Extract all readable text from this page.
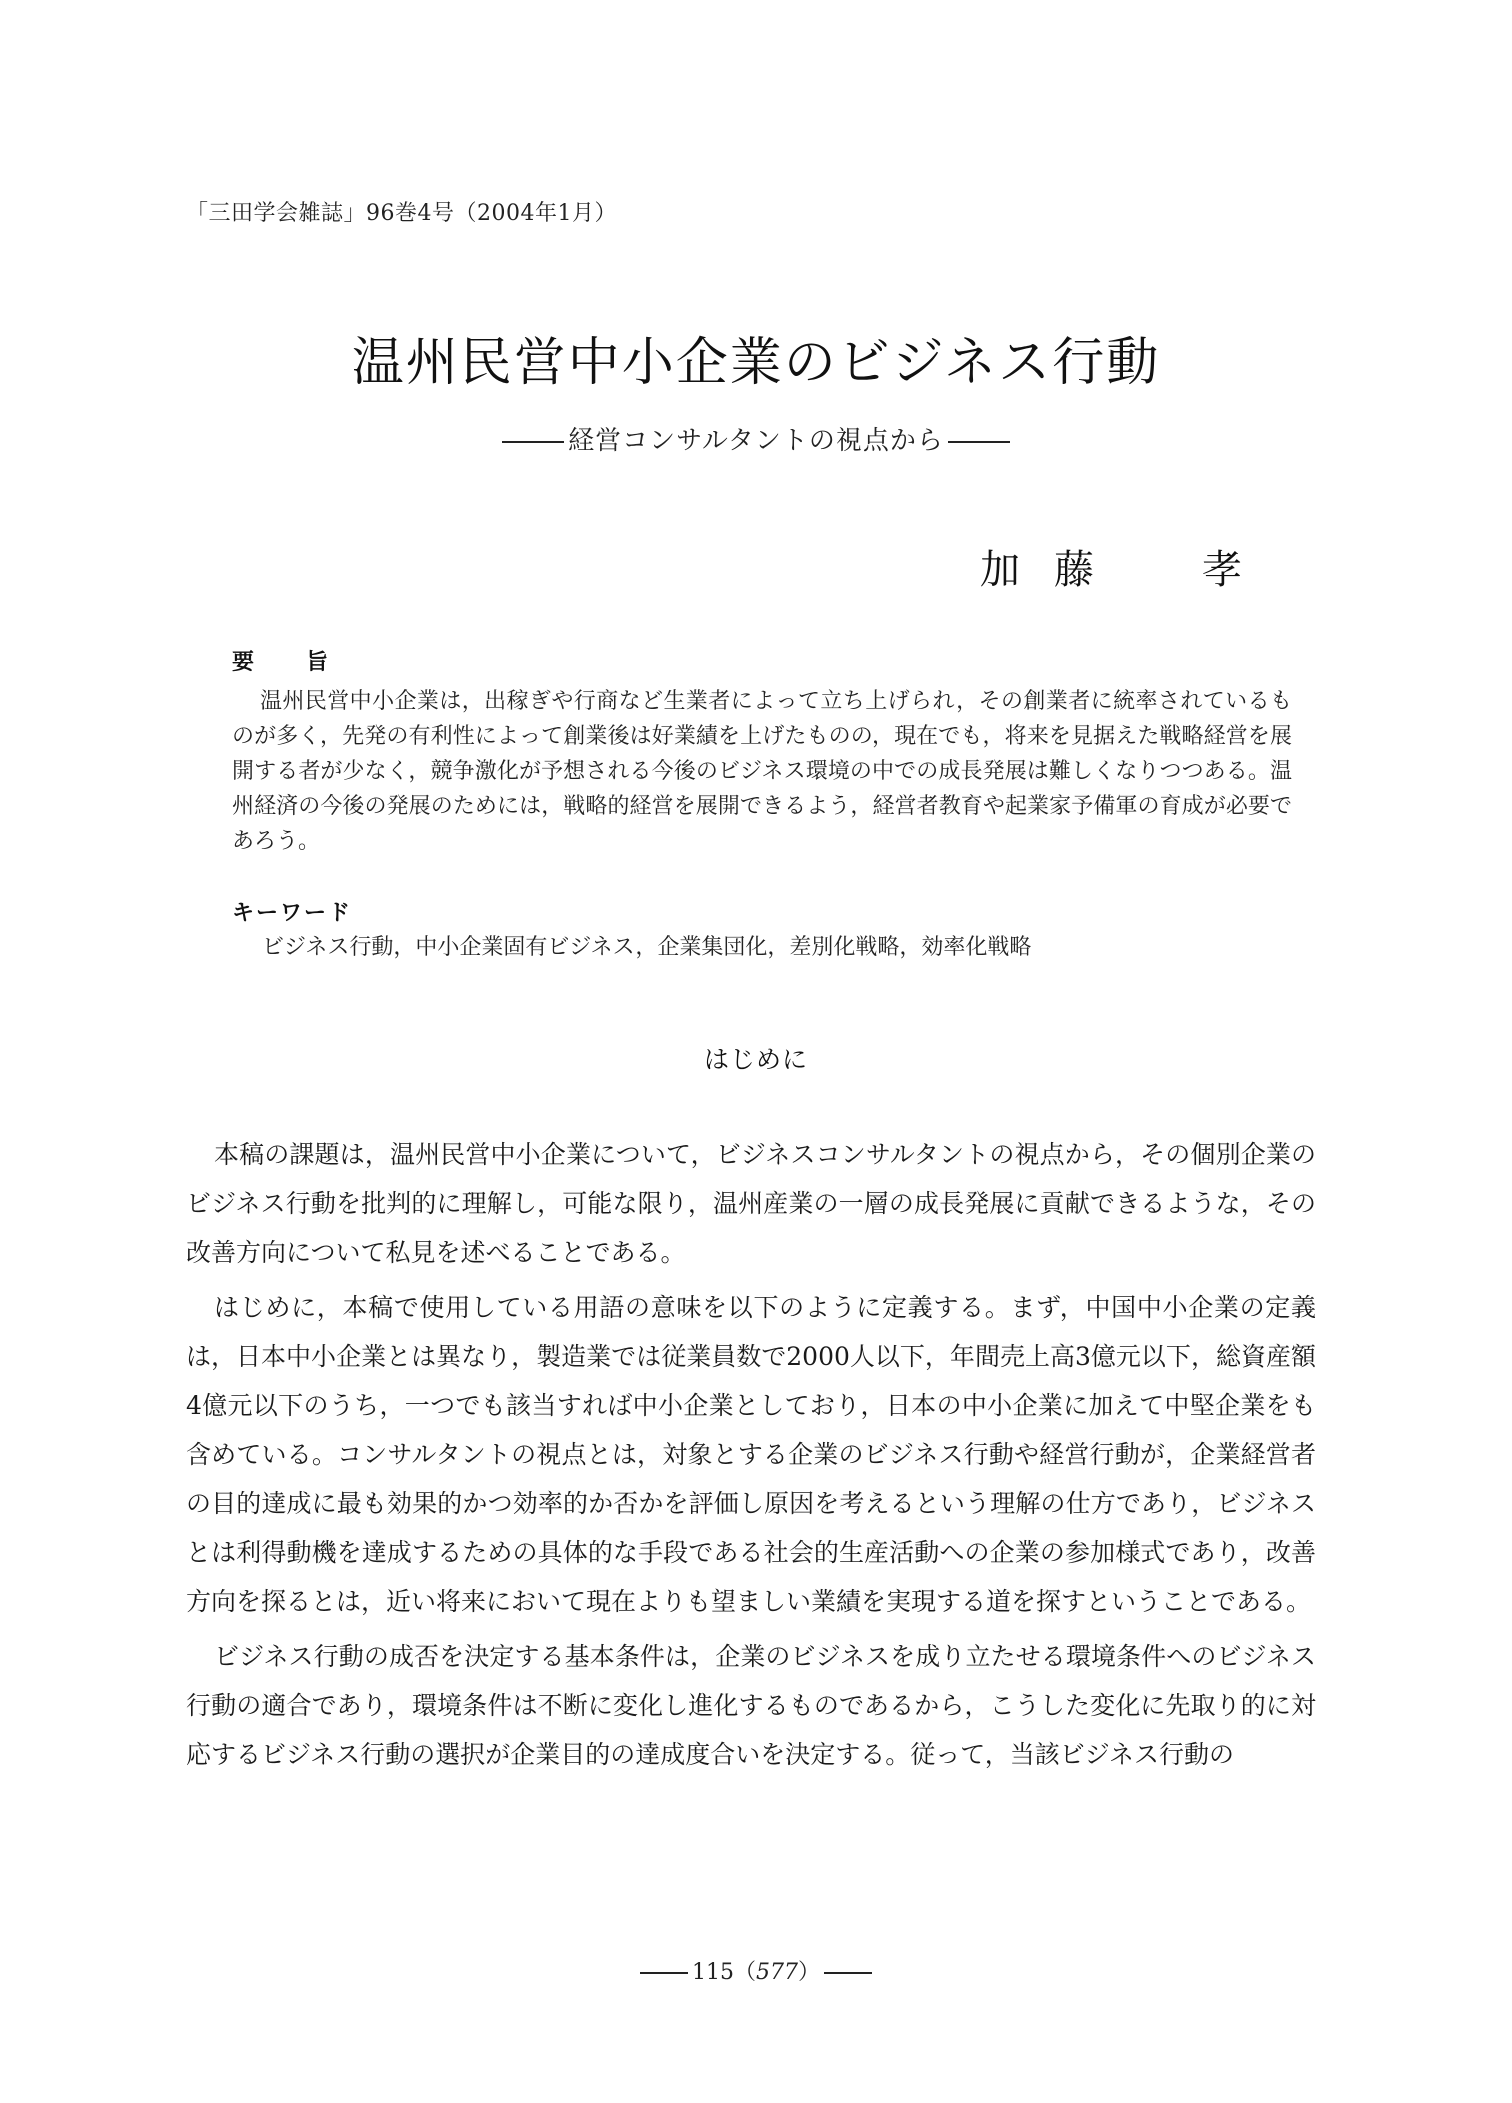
「三田学会雑誌」96巻4号（2004年1月）
温州民営中小企業のビジネス行動
経営コンサルタントの視点から
加藤　孝
要旨
温州民営中小企業は，出稼ぎや行商など生業者によって立ち上げられ，その創業者に統率されているものが多く，先発の有利性によって創業後は好業績を上げたものの，現在でも，将来を見据えた戦略経営を展開する者が少なく，競争激化が予想される今後のビジネス環境の中での成長発展は難しくなりつつある。温州経済の今後の発展のためには，戦略的経営を展開できるよう，経営者教育や起業家予備軍の育成が必要であろう。
キーワード
ビジネス行動，中小企業固有ビジネス，企業集団化，差別化戦略，効率化戦略
はじめに

本稿の課題は，温州民営中小企業について，ビジネスコンサルタントの視点から，その個別企業のビジネス行動を批判的に理解し，可能な限り，温州産業の一層の成長発展に貢献できるような，その改善方向について私見を述べることである。

はじめに，本稿で使用している用語の意味を以下のように定義する。まず，中国中小企業の定義は，日本中小企業とは異なり，製造業では従業員数で2000人以下，年間売上高3億元以下，総資産額4億元以下のうち，一つでも該当すれば中小企業としており，日本の中小企業に加えて中堅企業をも含めている。コンサルタントの視点とは，対象とする企業のビジネス行動や経営行動が，企業経営者の目的達成に最も効果的かつ効率的か否かを評価し原因を考えるという理解の仕方であり，ビジネスとは利得動機を達成するための具体的な手段である社会的生産活動への企業の参加様式であり，改善方向を探るとは，近い将来において現在よりも望ましい業績を実現する道を探すということである。

ビジネス行動の成否を決定する基本条件は，企業のビジネスを成り立たせる環境条件へのビジネス行動の適合であり，環境条件は不断に変化し進化するものであるから，こうした変化に先取り的に対応するビジネス行動の選択が企業目的の達成度合いを決定する。従って，当該ビジネス行動の

115（577）
